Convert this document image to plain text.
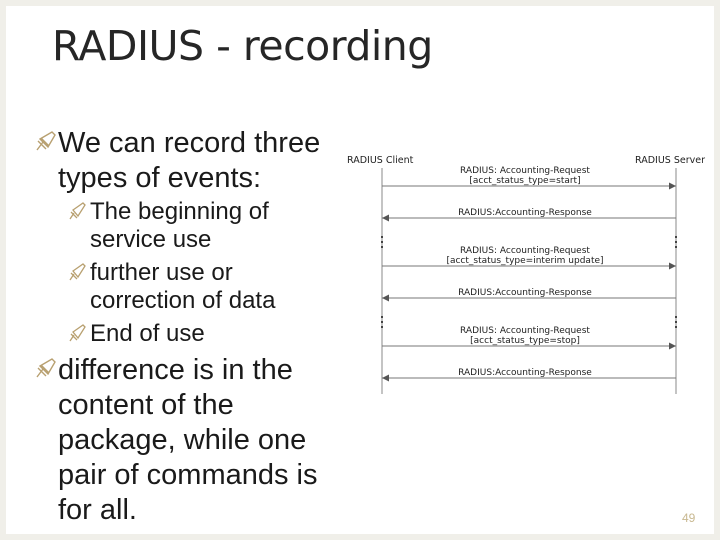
RADIUS - recording
We can record three types of events:
The beginning of service use
further use or correction of data
End of use
difference is in the content of the package, while one pair of commands is for all.
RADIUS Client	RADIUS Server
RADIUS: Accounting-Request
[acct_status_type=start]
RADIUS:Accounting-Response
RADIUS: Accounting-Request
[acct_status_type=interim update]
RADIUS:Accounting-Response
RADIUS: Accounting-Request
[acct_status_type=stop]
RADIUS:Accounting-Response
49
